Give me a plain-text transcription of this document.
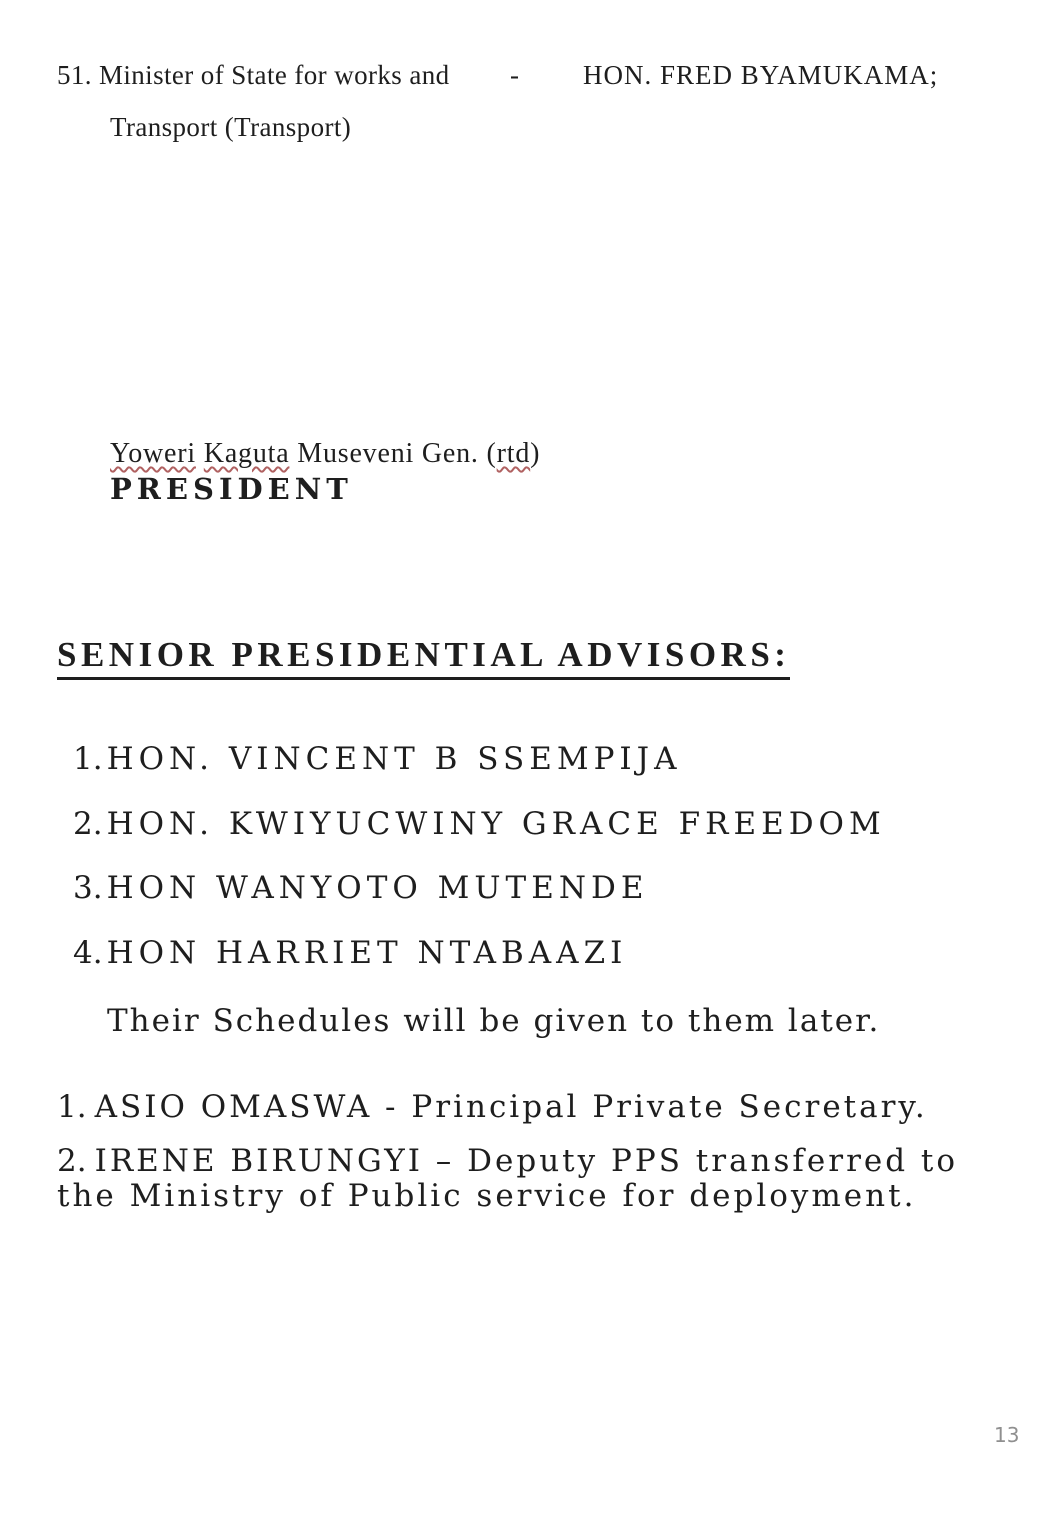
51. Minister of State for works and - HON. FRED BYAMUKAMA;
Transport (Transport)
Yoweri Kaguta Museveni Gen. (rtd)
PRESIDENT
SENIOR PRESIDENTIAL ADVISORS:
1. HON. VINCENT B SSEMPIJA
2. HON. KWIYUCWINY GRACE FREEDOM
3. HON WANYOTO MUTENDE
4. HON HARRIET NTABAAZI
Their Schedules will be given to them later.
1. ASIO OMASWA - Principal Private Secretary.
2. IRENE BIRUNGYI – Deputy PPS transferred to the Ministry of Public service for deployment.
13
